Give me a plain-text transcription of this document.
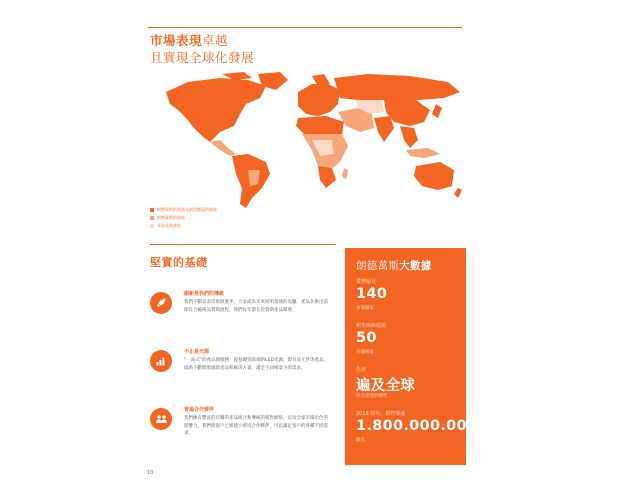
市場表現卓越
且實現全球化發展
朗德萬斯的業務及銷售覆蓋的國家
朗德萬斯的國家
未涉及的國家
堅實的基礎
創新是我們的傳統
我們不斷追求技術與進步，力求成為未來照明領域的先驅。產品在推出前即符合嚴格品質與流程，我們每年都在投資新產品開發。
不止是光源
“一站式”的產品與服務：從基礎到高端的LED光源、燈具及元件等產品，協助不斷開發創新產品和解決方案，滿足不同場景下的需求。
普遍合作夥伴
我們擁有豐富的有關的產品組合和傳統的銷售網絡，以及全球市場出色的影響力。我們與客戶已經建立密切合作夥伴，可以滿足客戶的各種不同需求。
朗德萬斯大數據
業務遍及
140
多個國家
銷售網絡超過
50
多個國家
生產
遍及全球
符合當地的標準
2018 財年，銷售額逾
1.800.000.000
歐元
10
